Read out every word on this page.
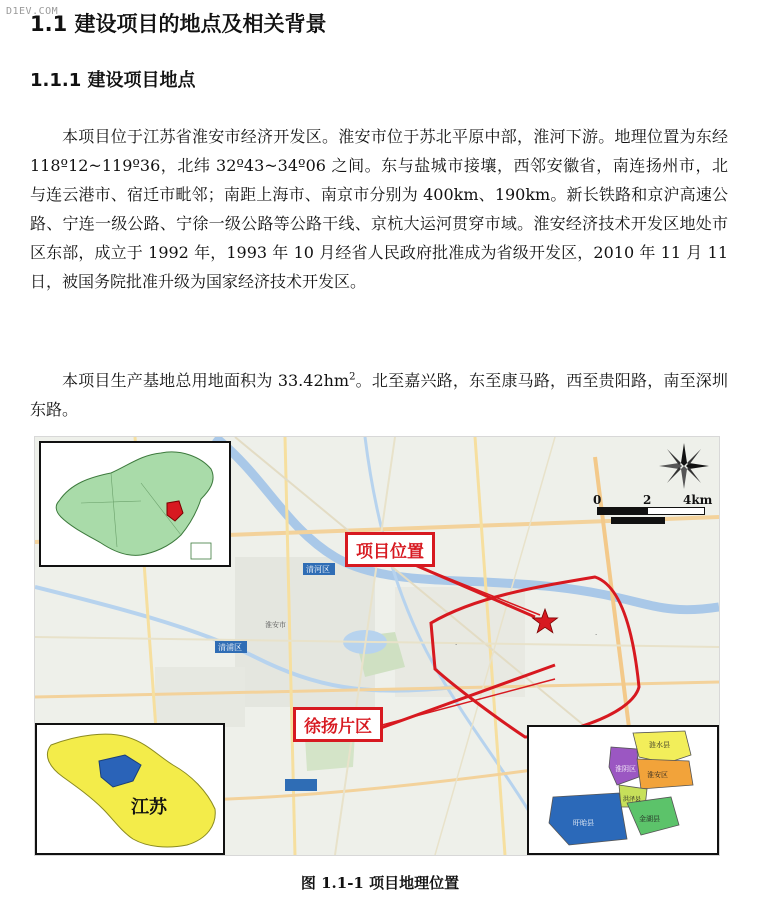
D1EV.COM
1.1 建设项目的地点及相关背景
1.1.1 建设项目地点
本项目位于江苏省淮安市经济开发区。淮安市位于苏北平原中部，淮河下游。地理位置为东经 118º12~119º36，北纬 32º43~34º06 之间。东与盐城市接壤，西邻安徽省，南连扬州市，北与连云港市、宿迁市毗邻；南距上海市、南京市分别为 400km、190km。新长铁路和京沪高速公路、宁连一级公路、宁徐一级公路等公路干线、京杭大运河贯穿市域。淮安经济技术开发区地处市区东部，成立于 1992 年，1993 年 10 月经省人民政府批准成为省级开发区，2010 年 11 月 11 日，被国务院批准升级为国家经济技术开发区。
本项目生产基地总用地面积为 $33.42hm^2$。北至嘉兴路，东至康马路，西至贵阳路，南至深圳东路。
淮安市
·
·
江苏
涟水县
淮阴区
淮安区
洪泽县
盱眙县	金湖县
清河区
清浦区
0	2	4km
项目位置
徐扬片区
图 1.1-1 项目地理位置
